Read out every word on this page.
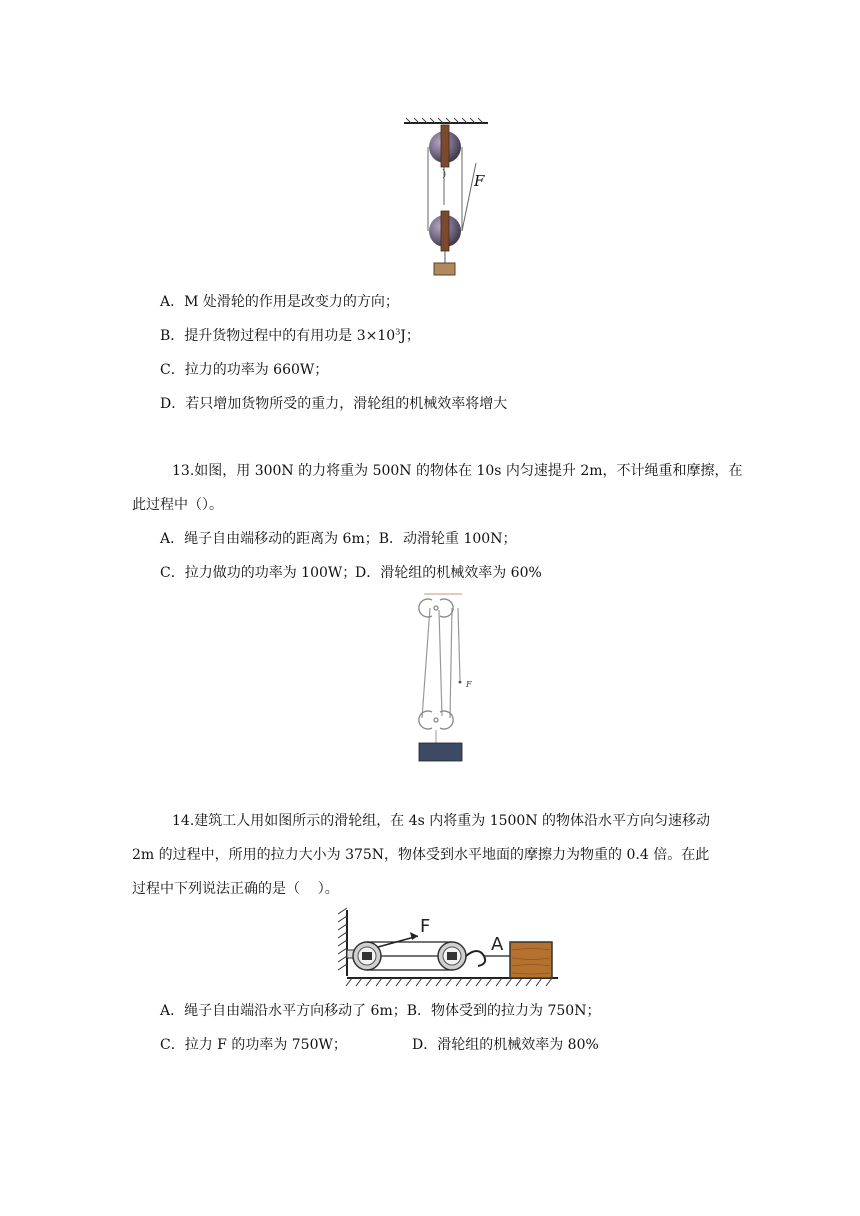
F
A．M 处滑轮的作用是改变力的方向；
B．提升货物过程中的有用功是 $3\times 10^3J$；
C．拉力的功率为 660W；
D．若只增加货物所受的重力，滑轮组的机械效率将增大
13.如图，用 300N 的力将重为 500N 的物体在 10s 内匀速提升 2m，不计绳重和摩擦，在
此过程中（）。
A．绳子自由端移动的距离为 6m；B．动滑轮重 100N；
C．拉力做功的功率为 100W；
D．滑轮组的机械效率为 60%
F
14.建筑工人用如图所示的滑轮组，在 4s 内将重为 1500N 的物体沿水平方向匀速移动
2m 的过程中，所用的拉力大小为 375N，物体受到水平地面的摩擦力为物重的 0.4 倍。在此
过程中下列说法正确的是（    ）。
F
A
A．绳子自由端沿水平方向移动了 6m；B．物体受到的拉力为 750N；
C．拉力 F 的功率为 750W；	D．滑轮组的机械效率为 80%
